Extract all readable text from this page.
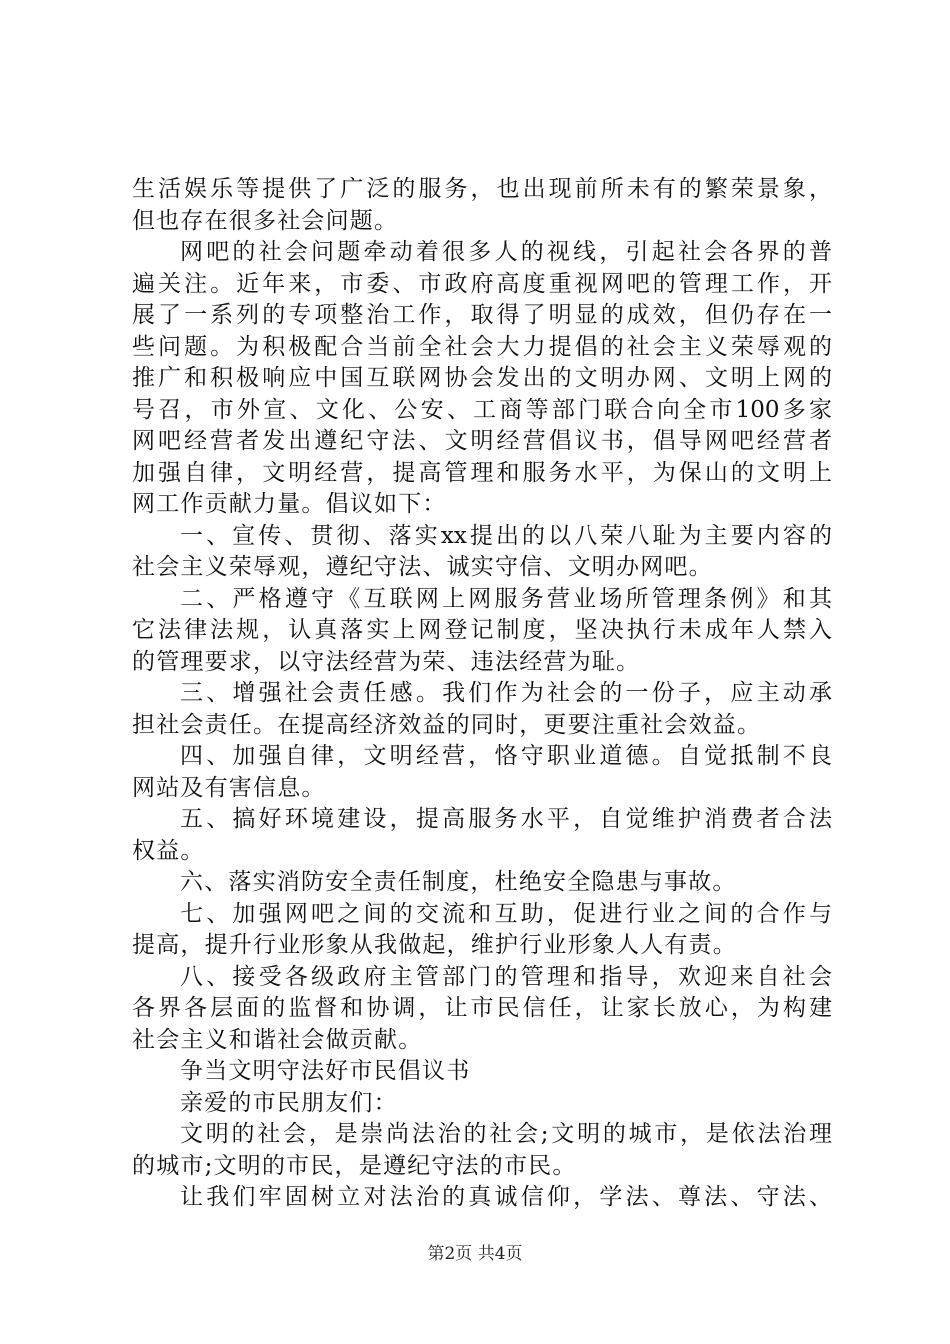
生活娱乐等提供了广泛的服务，也出现前所未有的繁荣景象，
但也存在很多社会问题。
网吧的社会问题牵动着很多人的视线，引起社会各界的普
遍关注。近年来，市委、市政府高度重视网吧的管理工作，开
展了一系列的专项整治工作，取得了明显的成效，但仍存在一
些问题。为积极配合当前全社会大力提倡的社会主义荣辱观的
推广和积极响应中国互联网协会发出的文明办网、文明上网的
号召，市外宣、文化、公安、工商等部门联合向全市100多家
网吧经营者发出遵纪守法、文明经营倡议书，倡导网吧经营者
加强自律，文明经营，提高管理和服务水平，为保山的文明上
网工作贡献力量。倡议如下：
一、宣传、贯彻、落实xx提出的以八荣八耻为主要内容的
社会主义荣辱观，遵纪守法、诚实守信、文明办网吧。
二、严格遵守《互联网上网服务营业场所管理条例》和其
它法律法规，认真落实上网登记制度，坚决执行未成年人禁入
的管理要求，以守法经营为荣、违法经营为耻。
三、增强社会责任感。我们作为社会的一份子，应主动承
担社会责任。在提高经济效益的同时，更要注重社会效益。
四、加强自律，文明经营，恪守职业道德。自觉抵制不良
网站及有害信息。
五、搞好环境建设，提高服务水平，自觉维护消费者合法
权益。
六、落实消防安全责任制度，杜绝安全隐患与事故。
七、加强网吧之间的交流和互助，促进行业之间的合作与
提高，提升行业形象从我做起，维护行业形象人人有责。
八、接受各级政府主管部门的管理和指导，欢迎来自社会
各界各层面的监督和协调，让市民信任，让家长放心，为构建
社会主义和谐社会做贡献。
争当文明守法好市民倡议书
亲爱的市民朋友们：
文明的社会，是崇尚法治的社会;文明的城市，是依法治理
的城市;文明的市民，是遵纪守法的市民。
让我们牢固树立对法治的真诚信仰，学法、尊法、守法、
第2页 共4页
